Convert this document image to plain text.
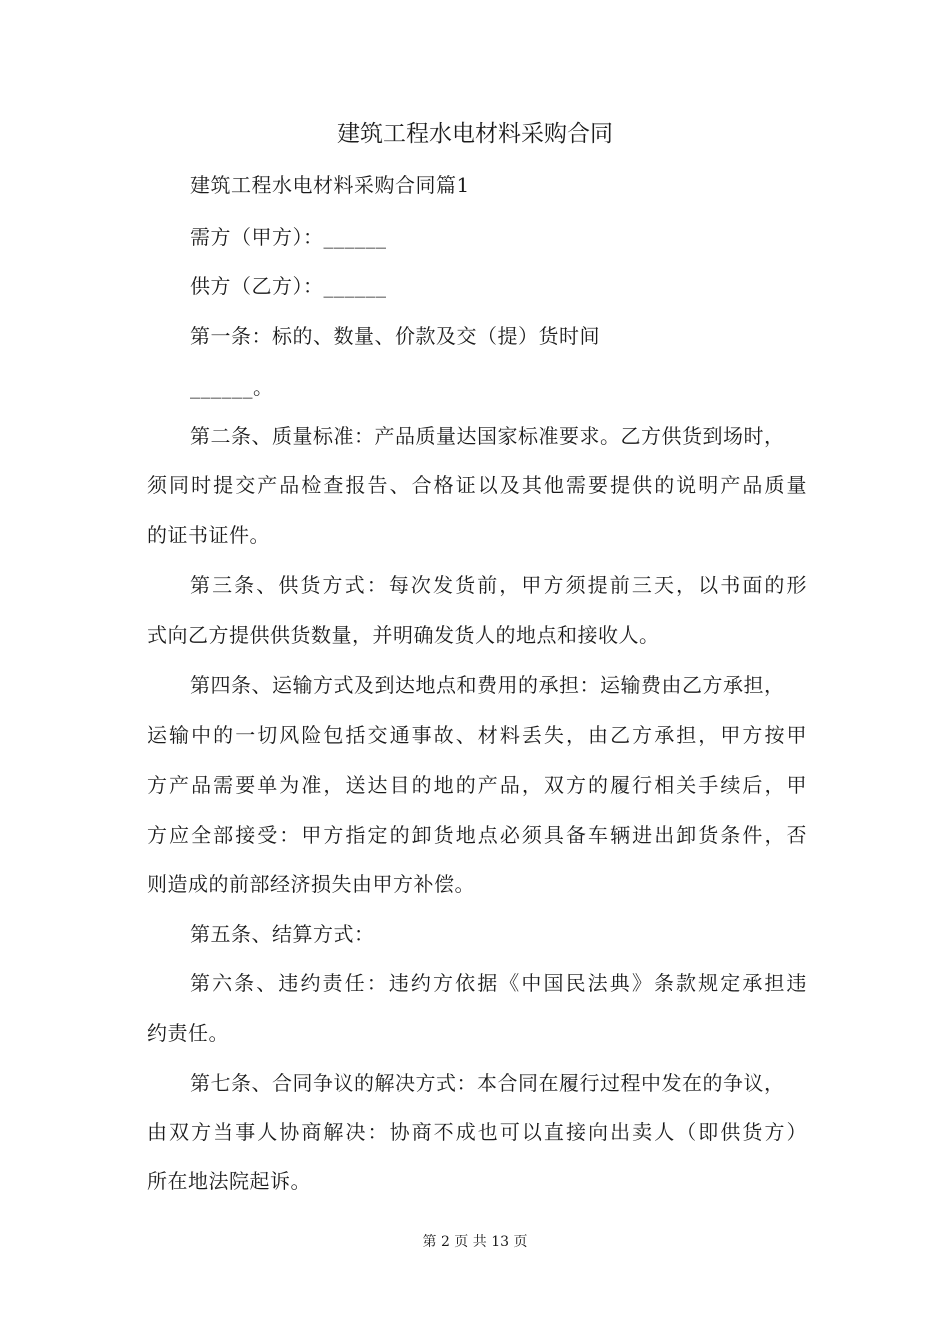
建筑工程水电材料采购合同
建筑工程水电材料采购合同篇1
需方（甲方）：______
供方（乙方）：______
第一条：标的、数量、价款及交（提）货时间
______。
第二条、质量标准：产品质量达国家标准要求。乙方供货到场时，
须同时提交产品检查报告、合格证以及其他需要提供的说明产品质量
的证书证件。
第三条、供货方式：每次发货前，甲方须提前三天，以书面的形
式向乙方提供供货数量，并明确发货人的地点和接收人。
第四条、运输方式及到达地点和费用的承担：运输费由乙方承担，
运输中的一切风险包括交通事故、材料丢失，由乙方承担，甲方按甲
方产品需要单为准，送达目的地的产品，双方的履行相关手续后，甲
方应全部接受：甲方指定的卸货地点必须具备车辆进出卸货条件，否
则造成的前部经济损失由甲方补偿。
第五条、结算方式：
第六条、违约责任：违约方依据《中国民法典》条款规定承担违
约责任。
第七条、合同争议的解决方式：本合同在履行过程中发在的争议，
由双方当事人协商解决：协商不成也可以直接向出卖人（即供货方）
所在地法院起诉。
第 2 页 共 13 页
